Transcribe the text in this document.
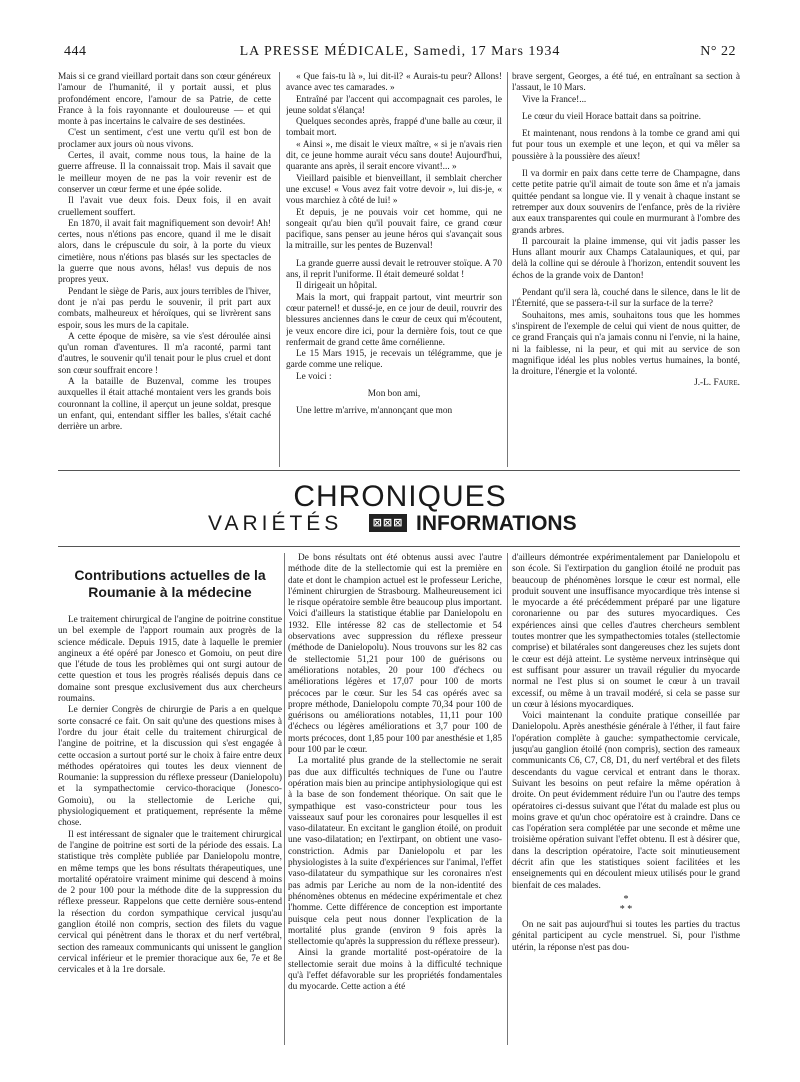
444	LA PRESSE MÉDICALE, Samedi, 17 Mars 1934	N° 22

Mais si ce grand vieillard portait dans son cœur généreux l'amour de l'humanité, il y portait aussi, et plus profondément encore, l'amour de sa Patrie, de cette France à la fois rayonnante et douloureuse — et qui monte à pas incertains le calvaire de ses destinées.

C'est un sentiment, c'est une vertu qu'il est bon de proclamer aux jours où nous vivons.

Certes, il avait, comme nous tous, la haine de la guerre affreuse. Il la connaissait trop. Mais il savait que le meilleur moyen de ne pas la voir revenir est de conserver un cœur ferme et une épée solide.

Il l'avait vue deux fois. Deux fois, il en avait cruellement souffert.

En 1870, il avait fait magnifiquement son devoir! Ah! certes, nous n'étions pas encore, quand il me le disait alors, dans le crépuscule du soir, à la porte du vieux cimetière, nous n'étions pas blasés sur les spectacles de la guerre que nous avons, hélas! vus depuis de nos propres yeux.

Pendant le siège de Paris, aux jours terribles de l'hiver, dont je n'ai pas perdu le souvenir, il prit part aux combats, malheureux et héroïques, qui se livrèrent sans espoir, sous les murs de la capitale.

A cette époque de misère, sa vie s'est déroulée ainsi qu'un roman d'aventures. Il m'a raconté, parmi tant d'autres, le souvenir qu'il tenait pour le plus cruel et dont son cœur souffrait encore !

A la bataille de Buzenval, comme les troupes auxquelles il était attaché montaient vers les grands bois couronnant la colline, il aperçut un jeune soldat, presque un enfant, qui, entendant siffler les balles, s'était caché derrière un arbre.

« Que fais-tu là », lui dit-il? « Aurais-tu peur? Allons! avance avec tes camarades. »

Entraîné par l'accent qui accompagnait ces paroles, le jeune soldat s'élança!

Quelques secondes après, frappé d'une balle au cœur, il tombait mort.

« Ainsi », me disait le vieux maître, « si je n'avais rien dit, ce jeune homme aurait vécu sans doute! Aujourd'hui, quarante ans après, il serait encore vivant!... »

Vieillard paisible et bienveillant, il semblait chercher une excuse! « Vous avez fait votre devoir », lui dis-je, « vous marchiez à côté de lui! »

Et depuis, je ne pouvais voir cet homme, qui ne songeait qu'au bien qu'il pouvait faire, ce grand cœur pacifique, sans penser au jeune héros qui s'avançait sous la mitraille, sur les pentes de Buzenval!

La grande guerre aussi devait le retrouver stoïque. A 70 ans, il reprit l'uniforme. Il était demeuré soldat !

Il dirigeait un hôpital.

Mais la mort, qui frappait partout, vint meurtrir son cœur paternel! et dussé-je, en ce jour de deuil, rouvrir des blessures anciennes dans le cœur de ceux qui m'écoutent, je veux encore dire ici, pour la dernière fois, tout ce que renfermait de grand cette âme cornélienne.

Le 15 Mars 1915, je recevais un télégramme, que je garde comme une relique.

Le voici :

Mon bon ami,

Une lettre m'arrive, m'annonçant que mon

brave sergent, Georges, a été tué, en entraînant sa section à l'assaut, le 10 Mars.

Vive la France!...

Le cœur du vieil Horace battait dans sa poitrine.

Et maintenant, nous rendons à la tombe ce grand ami qui fut pour tous un exemple et une leçon, et qui va mêler sa poussière à la poussière des aïeux!

Il va dormir en paix dans cette terre de Champagne, dans cette petite patrie qu'il aimait de toute son âme et n'a jamais quittée pendant sa longue vie. Il y venait à chaque instant se retremper aux doux souvenirs de l'enfance, près de la rivière aux eaux transparentes qui coule en murmurant à l'ombre des grands arbres.

Il parcourait la plaine immense, qui vit jadis passer les Huns allant mourir aux Champs Catalauniques, et qui, par delà la colline qui se déroule à l'horizon, entendit souvent les échos de la grande voix de Danton!

Pendant qu'il sera là, couché dans le silence, dans le lit de l'Éternité, que se passera-t-il sur la surface de la terre?

Souhaitons, mes amis, souhaitons tous que les hommes s'inspirent de l'exemple de celui qui vient de nous quitter, de ce grand Français qui n'a jamais connu ni l'envie, ni la haine, ni la faiblesse, ni la peur, et qui mit au service de son magnifique idéal les plus nobles vertus humaines, la bonté, la droiture, l'énergie et la volonté.

J.-L. Faure.

CHRONIQUES
VARIÉTÉS	⊠⊠⊠ INFORMATIONS
Contributions actuelles de la Roumanie à la médecine

Le traitement chirurgical de l'angine de poitrine constitue un bel exemple de l'apport roumain aux progrès de la science médicale. Depuis 1915, date à laquelle le premier angineux a été opéré par Jonesco et Gomoiu, on peut dire que l'étude de tous les problèmes qui ont surgi autour de cette question et tous les progrès réalisés depuis dans ce domaine sont presque exclusivement dus aux chercheurs roumains.

Le dernier Congrès de chirurgie de Paris a en quelque sorte consacré ce fait. On sait qu'une des questions mises à l'ordre du jour était celle du traitement chirurgical de l'angine de poitrine, et la discussion qui s'est engagée à cette occasion a surtout porté sur le choix à faire entre deux méthodes opératoires qui toutes les deux viennent de Roumanie: la suppression du réflexe presseur (Danielopolu) et la sympathectomie cervico-thoracique (Jonesco-Gomoiu), ou la stellectomie de Leriche qui, physiologiquement et pratiquement, représente la même chose.

Il est intéressant de signaler que le traitement chirurgical de l'angine de poitrine est sorti de la période des essais. La statistique très complète publiée par Danielopolu montre, en même temps que les bons résultats thérapeutiques, une mortalité opératoire vraiment minime qui descend à moins de 2 pour 100 pour la méthode dite de la suppression du réflexe presseur. Rappelons que cette dernière sous-entend la résection du cordon sympathique cervical jusqu'au ganglion étoilé non compris, section des filets du vague cervical qui pénètrent dans le thorax et du nerf vertébral, section des rameaux communicants qui unissent le ganglion cervical inférieur et le premier thoracique aux 6e, 7e et 8e cervicales et à la 1re dorsale.

De bons résultats ont été obtenus aussi avec l'autre méthode dite de la stellectomie qui est la première en date et dont le champion actuel est le professeur Leriche, l'éminent chirurgien de Strasbourg. Malheureusement ici le risque opératoire semble être beaucoup plus important. Voici d'ailleurs la statistique établie par Danielopolu en 1932. Elle intéresse 82 cas de stellectomie et 54 observations avec suppression du réflexe presseur (méthode de Danielopolu). Nous trouvons sur les 82 cas de stellectomie 51,21 pour 100 de guérisons ou améliorations notables, 20 pour 100 d'échecs ou améliorations légères et 17,07 pour 100 de morts précoces par le cœur. Sur les 54 cas opérés avec sa propre méthode, Danielopolu compte 70,34 pour 100 de guérisons ou améliorations notables, 11,11 pour 100 d'échecs ou légères améliorations et 3,7 pour 100 de morts précoces, dont 1,85 pour 100 par anesthésie et 1,85 pour 100 par le cœur.

La mortalité plus grande de la stellectomie ne serait pas due aux difficultés techniques de l'une ou l'autre opération mais bien au principe antiphysiologique qui est à la base de son fondement théorique. On sait que le sympathique est vaso-constricteur pour tous les vaisseaux sauf pour les coronaires pour lesquelles il est vaso-dilatateur. En excitant le ganglion étoilé, on produit une vaso-dilatation; en l'extirpant, on obtient une vaso-constriction. Admis par Danielopolu et par les physiologistes à la suite d'expériences sur l'animal, l'effet vaso-dilatateur du sympathique sur les coronaires n'est pas admis par Leriche au nom de la non-identité des phénomènes obtenus en médecine expérimentale et chez l'homme. Cette différence de conception est importante puisque cela peut nous donner l'explication de la mortalité plus grande (environ 9 fois après la stellectomie qu'après la suppression du réflexe presseur).

Ainsi la grande mortalité post-opératoire de la stellectomie serait due moins à la difficulté technique qu'à l'effet défavorable sur les propriétés fondamentales du myocarde. Cette action a été

d'ailleurs démontrée expérimentalement par Danielopolu et son école. Si l'extirpation du ganglion étoilé ne produit pas beaucoup de phénomènes lorsque le cœur est normal, elle produit souvent une insuffisance myocardique très intense si le myocarde a été précédemment préparé par une ligature coronarienne ou par des sutures myocardiques. Ces expériences ainsi que celles d'autres chercheurs semblent toutes montrer que les sympathectomies totales (stellectomie comprise) et bilatérales sont dangereuses chez les sujets dont le cœur est déjà atteint. Le système nerveux intrinsèque qui est suffisant pour assurer un travail régulier du myocarde normal ne l'est plus si on soumet le cœur à un travail excessif, ou même à un travail modéré, si cela se passe sur un cœur à lésions myocardiques.

Voici maintenant la conduite pratique conseillée par Danielopolu. Après anesthésie générale à l'éther, il faut faire l'opération complète à gauche: sympathectomie cervicale, jusqu'au ganglion étoilé (non compris), section des rameaux communicants C6, C7, C8, D1, du nerf vertébral et des filets descendants du vague cervical et entrant dans le thorax. Suivant les besoins on peut refaire la même opération à droite. On peut évidemment réduire l'un ou l'autre des temps opératoires ci-dessus suivant que l'état du malade est plus ou moins grave et qu'un choc opératoire est à craindre. Dans ce cas l'opération sera complétée par une seconde et même une troisième opération suivant l'effet obtenu. Il est à désirer que, dans la description opératoire, l'acte soit minutieusement décrit afin que les statistiques soient facilitées et les enseignements qui en découlent mieux utilisés pour le grand bienfait de ces malades.

*
* *

On ne sait pas aujourd'hui si toutes les parties du tractus génital participent au cycle menstruel. Si, pour l'isthme utérin, la réponse n'est pas dou-
